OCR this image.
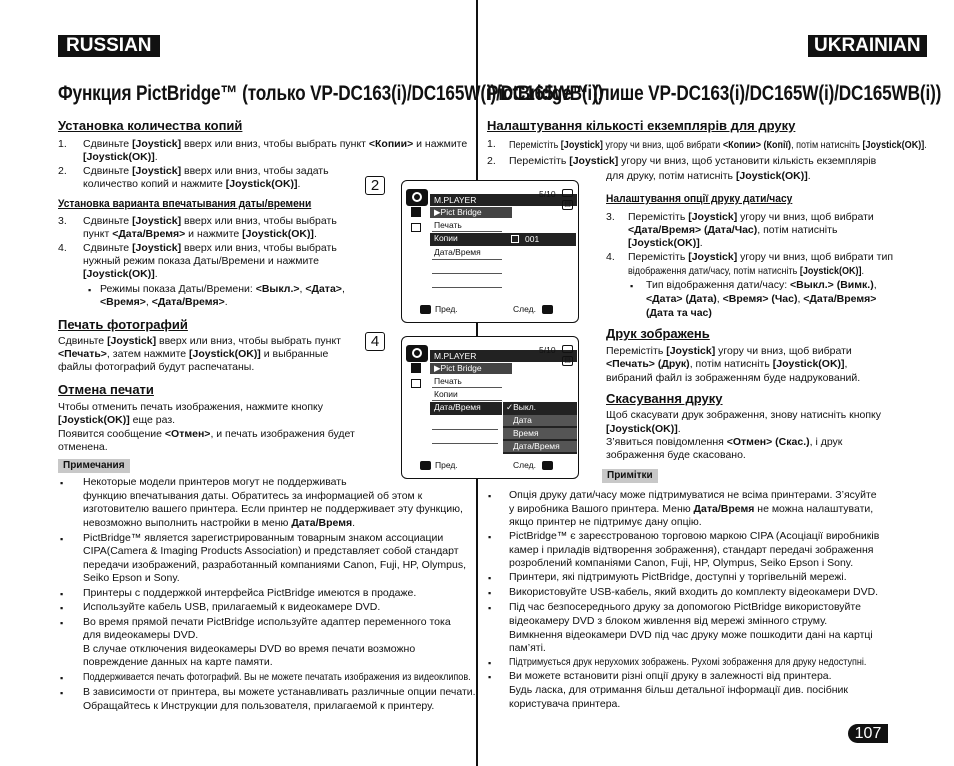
RUSSIAN	UKRAINIAN
Функция PictBridge™ (только VP-DC163(i)/DC165W(i)/DC165WB(i))
PictBridge™ (лише VP-DC163(i)/DC165W(i)/DC165WB(i))
Установка количества копий
1. Сдвиньте [Joystick] вверх или вниз, чтобы выбрать пункт <Копии> и нажмите
[Joystick(OK)].
2. Сдвиньте [Joystick] вверх или вниз, чтобы задать
количество копий и нажмите [Joystick(OK)].
Установка варианта впечатывания даты/времени
3. Сдвиньте [Joystick] вверх или вниз, чтобы выбрать
пункт <Дата/Время> и нажмите [Joystick(OK)].
4. Сдвиньте [Joystick] вверх или вниз, чтобы выбрать
нужный режим показа Даты/Времени и нажмите
[Joystick(OK)].
▪ Режимы показа Даты/Времени: <Выкл.>, <Дата>,
<Время>, <Дата/Время>.
Печать фотографий
Сдвиньте [Joystick] вверх или вниз, чтобы выбрать пункт
<Печать>, затем нажмите [Joystick(OK)] и выбранные
файлы фотографий будут распечатаны.
Отмена печати
Чтобы отменить печать изображения, нажмите кнопку
[Joystick(OK)] еще раз.
Появится сообщение <Отмен>, и печать изображения будет
отменена.
Примечания
▪ Некоторые модели принтеров могут не поддерживать
функцию впечатывания даты. Обратитесь за информацией об этом к
изготовителю вашего принтера. Если принтер не поддерживает эту функцию,
невозможно выполнить настройки в меню Дата/Время.
▪ PictBridge™ является зарегистрированным товарным знаком ассоциации
CIPA(Camera & Imaging Products Association) и представляет собой стандарт
передачи изображений, разработанный компаниями Canon, Fuji, HP, Olympus,
Seiko Epson и Sony.
▪ Принтеры с поддержкой интерфейса PictBridge имеются в продаже.
▪ Используйте кабель USB, прилагаемый к видеокамере DVD.
▪ Во время прямой печати PictBridge используйте адаптер переменного тока
для видеокамеры DVD.
В случае отключения видеокамеры DVD во время печати возможно
повреждение данных на карте памяти.
▪ Поддерживается печать фотографий. Вы не можете печатать изображения из видеоклипов.
▪ В зависимости от принтера, вы можете устанавливать различные опции печати.
Обращайтесь к Инструкции для пользователя, прилагаемой к принтеру.
2
M.PLAYER
5/10
▤
▶Pict Bridge
Печать
Копии	001
Дата/Время
Пред.	След.
4
M.PLAYER
5/10
▤
▶Pict Bridge
Печать
Копии
Дата/Время	✓Выкл.
Дата
Время
Дата/Время
Пред.	След.
Налаштування кількості екземплярів для друку
1. Перемістіть [Joystick] угору чи вниз, щоб вибрати <Копии> (Копії), потім натисніть [Joystick(OK)].
2. Перемістіть [Joystick] угору чи вниз, щоб установити кількість екземплярів
для друку, потім натисніть [Joystick(OK)].
Налаштування опції друку дати/часу
3. Перемістіть [Joystick] угору чи вниз, щоб вибрати
<Дата/Время> (Дата/Час), потім натисніть
[Joystick(OK)].
4. Перемістіть [Joystick] угору чи вниз, щоб вибрати тип
відображення дати/часу, потім натисніть [Joystick(OK)].
▪ Тип відображення дати/часу: <Выкл.> (Вимк.),
<Дата> (Дата), <Время> (Час), <Дата/Время>
(Дата та час)
Друк зображень
Перемістіть [Joystick] угору чи вниз, щоб вибрати
<Печать> (Друк), потім натисніть [Joystick(OK)],
вибраний файл із зображенням буде надрукований.
Скасування друку
Щоб скасувати друк зображення, знову натисніть кнопку
[Joystick(OK)].
З’явиться повідомлення <Отмен> (Скас.), і друк
зображення буде скасовано.
Примітки
▪ Опція друку дати/часу може підтримуватися не всіма принтерами. З’ясуйте
у виробника Вашого принтера. Меню Дата/Время не можна налаштувати,
якщо принтер не підтримує дану опцію.
▪ PictBridge™ є зареєстрованою торговою маркою CIPA (Асоціації виробників
камер і приладів відтворення зображення), стандарт передачі зображення
розроблений компаніями Canon, Fuji, HP, Olympus, Seiko Epson і Sony.
▪ Принтери, які підтримують PictBridge, доступні у торгівельній мережі.
▪ Використовуйте USB-кабель, який входить до комплекту відеокамери DVD.
▪ Під час безпосереднього друку за допомогою PictBridge використовуйте
відеокамеру DVD з блоком живлення від мережі змінного струму.
Вимкнення відеокамери DVD під час друку може пошкодити дані на картці
пам’яті.
▪ Підтримується друк нерухомих зображень. Рухомі зображення для друку недоступні.
▪ Ви можете встановити різні опції друку в залежності від принтера.
Будь ласка, для отримання більш детальної інформації див. посібник
користувача принтера.
107
